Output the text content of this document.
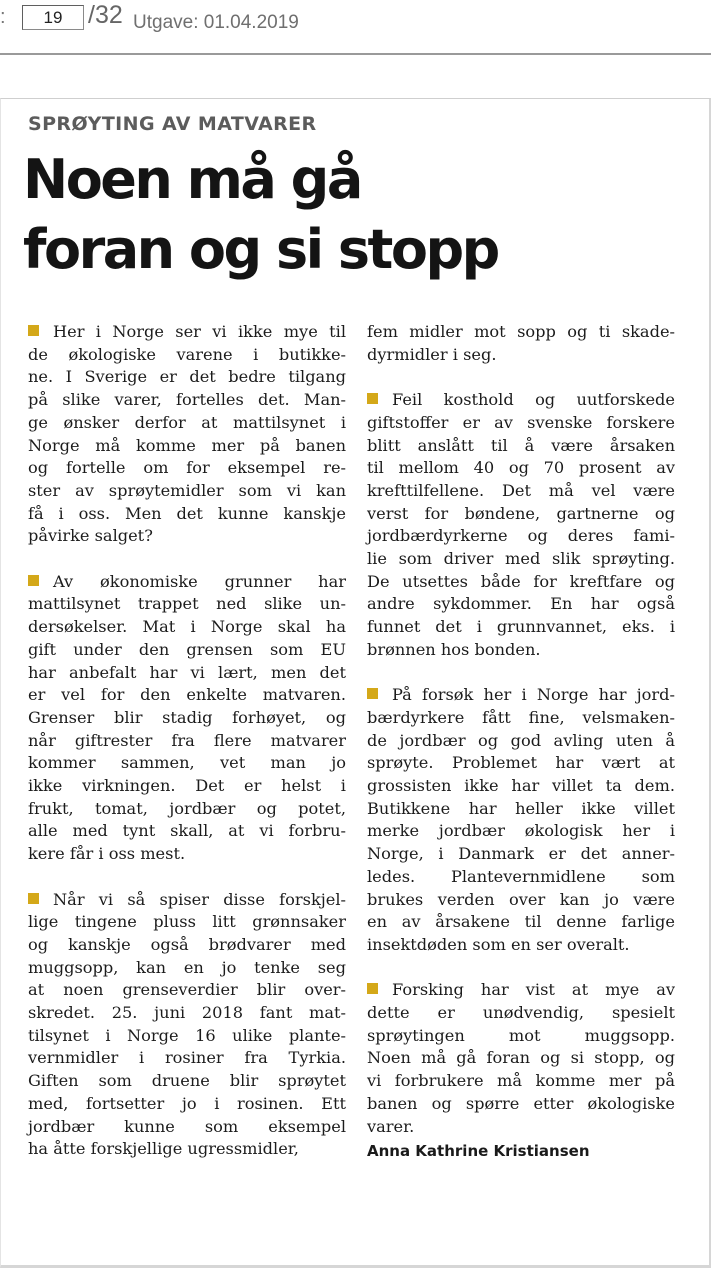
:
19	/32 Utgave: 01.04.2019
SPRØYTING AV MATVARER
Noen må gå
foran og si stopp
Her i Norge ser vi ikke mye til
de økologiske varene i butikke-
ne. I Sverige er det bedre tilgang
på slike varer, fortelles det. Man-
ge ønsker derfor at mattilsynet i
Norge må komme mer på banen
og fortelle om for eksempel re-
ster av sprøytemidler som vi kan
få i oss. Men det kunne kanskje
påvirke salget?
Av økonomiske grunner har
mattilsynet trappet ned slike un-
dersøkelser. Mat i Norge skal ha
gift under den grensen som EU
har anbefalt har vi lært, men det
er vel for den enkelte matvaren.
Grenser blir stadig forhøyet, og
når giftrester fra flere matvarer
kommer sammen, vet man jo
ikke virkningen. Det er helst i
frukt, tomat, jordbær og potet,
alle med tynt skall, at vi forbru-
kere får i oss mest.
Når vi så spiser disse forskjel-
lige tingene pluss litt grønnsaker
og kanskje også brødvarer med
muggsopp, kan en jo tenke seg
at noen grenseverdier blir over-
skredet. 25. juni 2018 fant mat-
tilsynet i Norge 16 ulike plante-
vernmidler i rosiner fra Tyrkia.
Giften som druene blir sprøytet
med, fortsetter jo i rosinen. Ett
jordbær kunne som eksempel
ha åtte forskjellige ugressmidler,
fem midler mot sopp og ti skade-
dyrmidler i seg.
Feil kosthold og uutforskede
giftstoffer er av svenske forskere
blitt anslått til å være årsaken
til mellom 40 og 70 prosent av
krefttilfellene. Det må vel være
verst for bøndene, gartnerne og
jordbærdyrkerne og deres fami-
lie som driver med slik sprøyting.
De utsettes både for kreftfare og
andre sykdommer. En har også
funnet det i grunnvannet, eks. i
brønnen hos bonden.
På forsøk her i Norge har jord-
bærdyrkere fått fine, velsmaken-
de jordbær og god avling uten å
sprøyte. Problemet har vært at
grossisten ikke har villet ta dem.
Butikkene har heller ikke villet
merke jordbær økologisk her i
Norge, i Danmark er det anner-
ledes. Plantevernmidlene som
brukes verden over kan jo være
en av årsakene til denne farlige
insektdøden som en ser overalt.
Forsking har vist at mye av
dette er unødvendig, spesielt
sprøytingen mot muggsopp.
Noen må gå foran og si stopp, og
vi forbrukere må komme mer på
banen og spørre etter økologiske
varer.
Anna Kathrine Kristiansen
